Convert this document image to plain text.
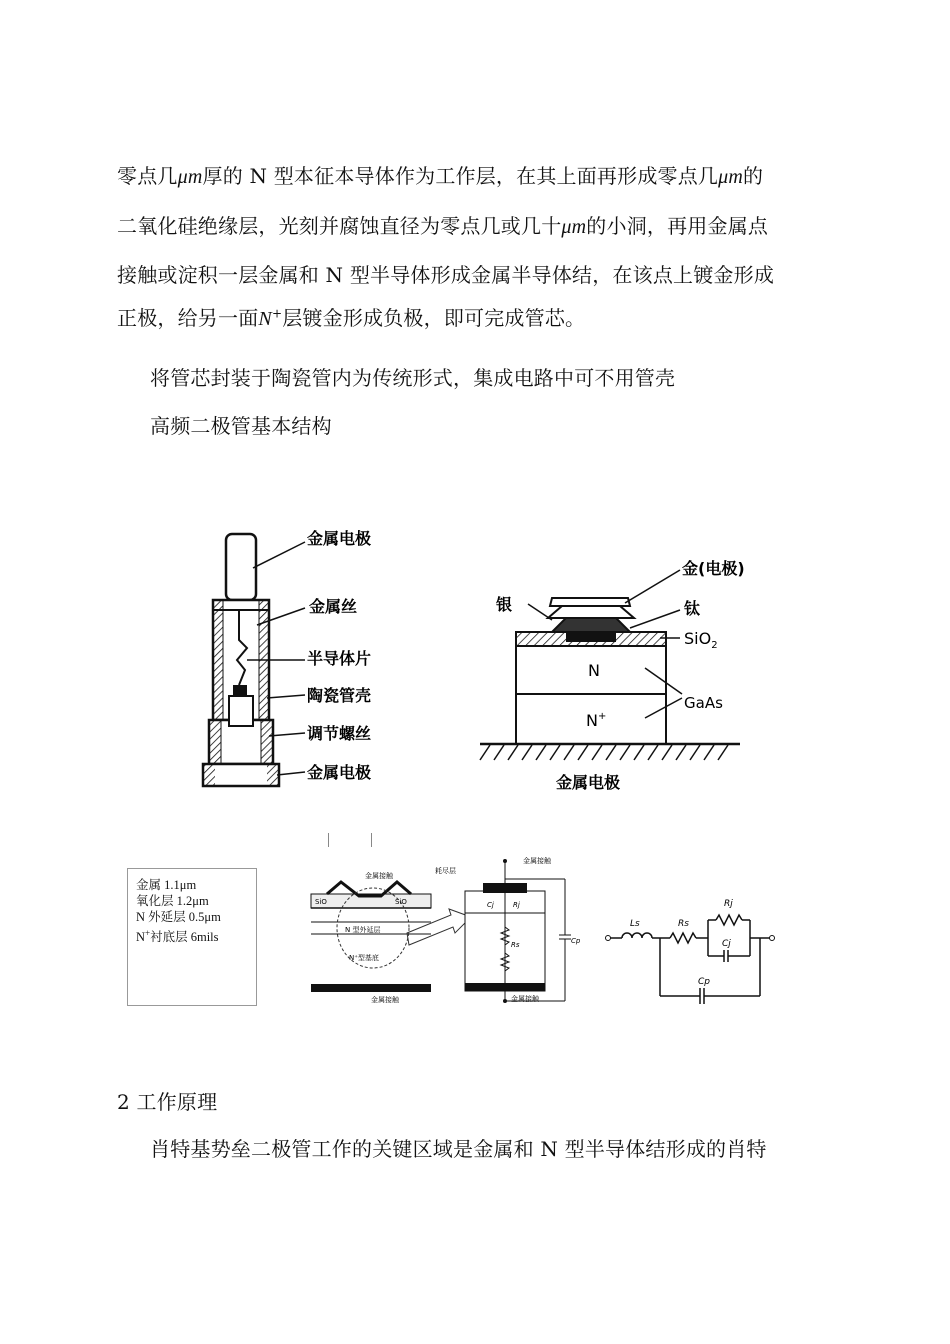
零点几μm厚的 N 型本征本导体作为工作层，在其上面再形成零点几μm的
二氧化硅绝缘层，光刻并腐蚀直径为零点几或几十μm的小洞，再用金属点
接触或淀积一层金属和 N 型半导体形成金属半导体结，在该点上镀金形成
正极，给另一面N+层镀金形成负极，即可完成管芯。
将管芯封装于陶瓷管内为传统形式，集成电路中可不用管壳
高频二极管基本结构
金属电极
金属丝
半导体片
陶瓷管壳
调节螺丝
金属电极
金(电极)
银	钛
SiO$_2$
N
N+
GaAs
金属电极
金属 1.1μm
氧化层 1.2μm
N 外延层 0.5μm
N+衬底层 6mils
金属接触
SiO	SiO
N 型外延层
N⁺型基底
金属接触
耗尽层
金属接触
Cj	Rj
Rs	Cp
金属接触
Ls	Rs
Rj
Cj
Cp
2 工作原理
肖特基势垒二极管工作的关键区域是金属和 N 型半导体结形成的肖特
